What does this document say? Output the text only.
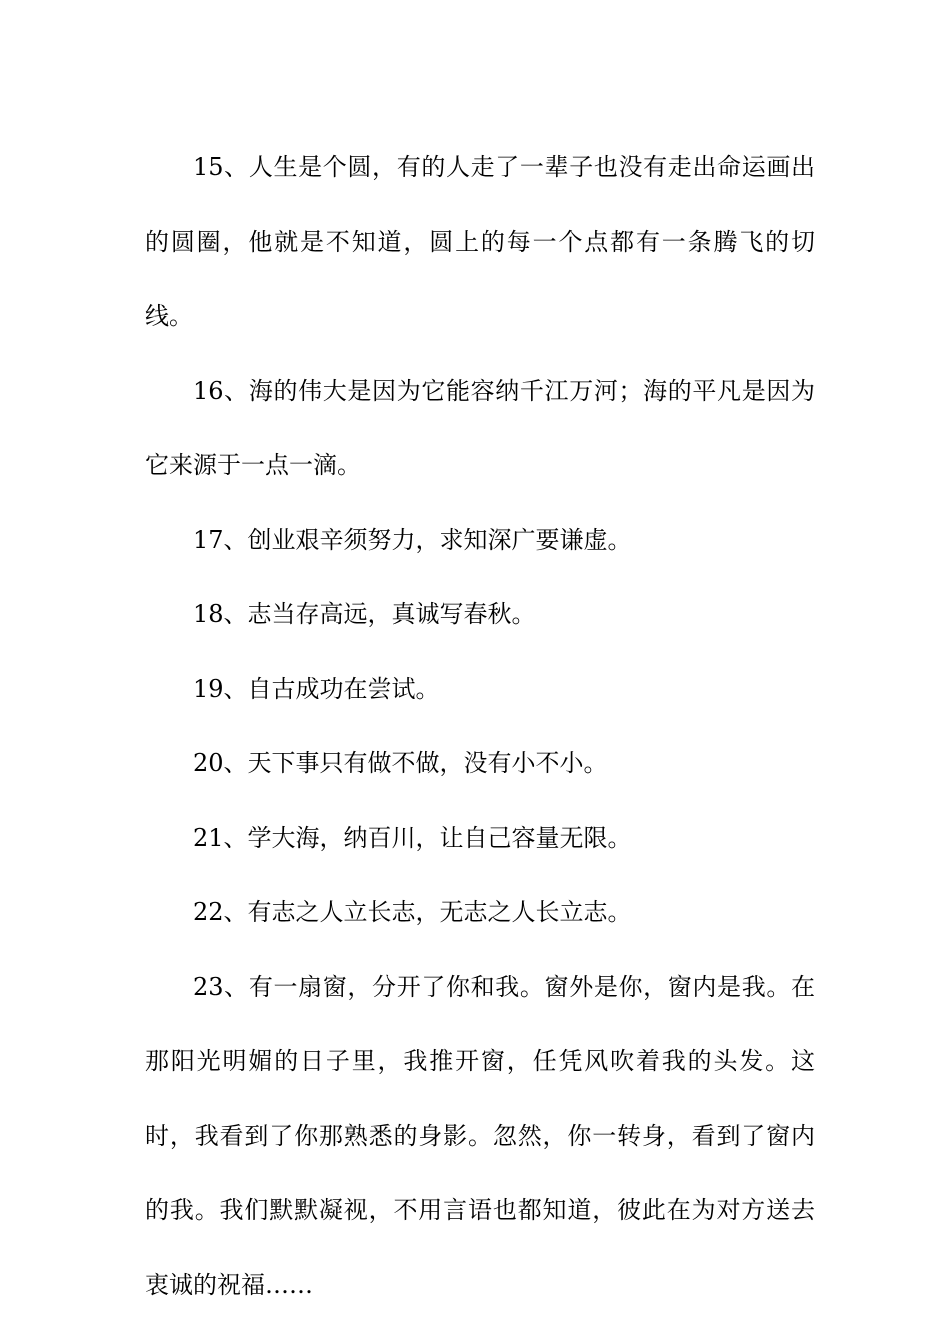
15、人生是个圆，有的人走了一辈子也没有走出命运画出的圆圈，他就是不知道，圆上的每一个点都有一条腾飞的切线。

16、海的伟大是因为它能容纳千江万河；海的平凡是因为它来源于一点一滴。

17、创业艰辛须努力，求知深广要谦虚。

18、志当存高远，真诚写春秋。

19、自古成功在尝试。

20、天下事只有做不做，没有小不小。

21、学大海，纳百川，让自己容量无限。

22、有志之人立长志，无志之人长立志。

23、有一扇窗，分开了你和我。窗外是你，窗内是我。在那阳光明媚的日子里，我推开窗，任凭风吹着我的头发。这时，我看到了你那熟悉的身影。忽然，你一转身，看到了窗内的我。我们默默凝视，不用言语也都知道，彼此在为对方送去衷诚的祝福……
